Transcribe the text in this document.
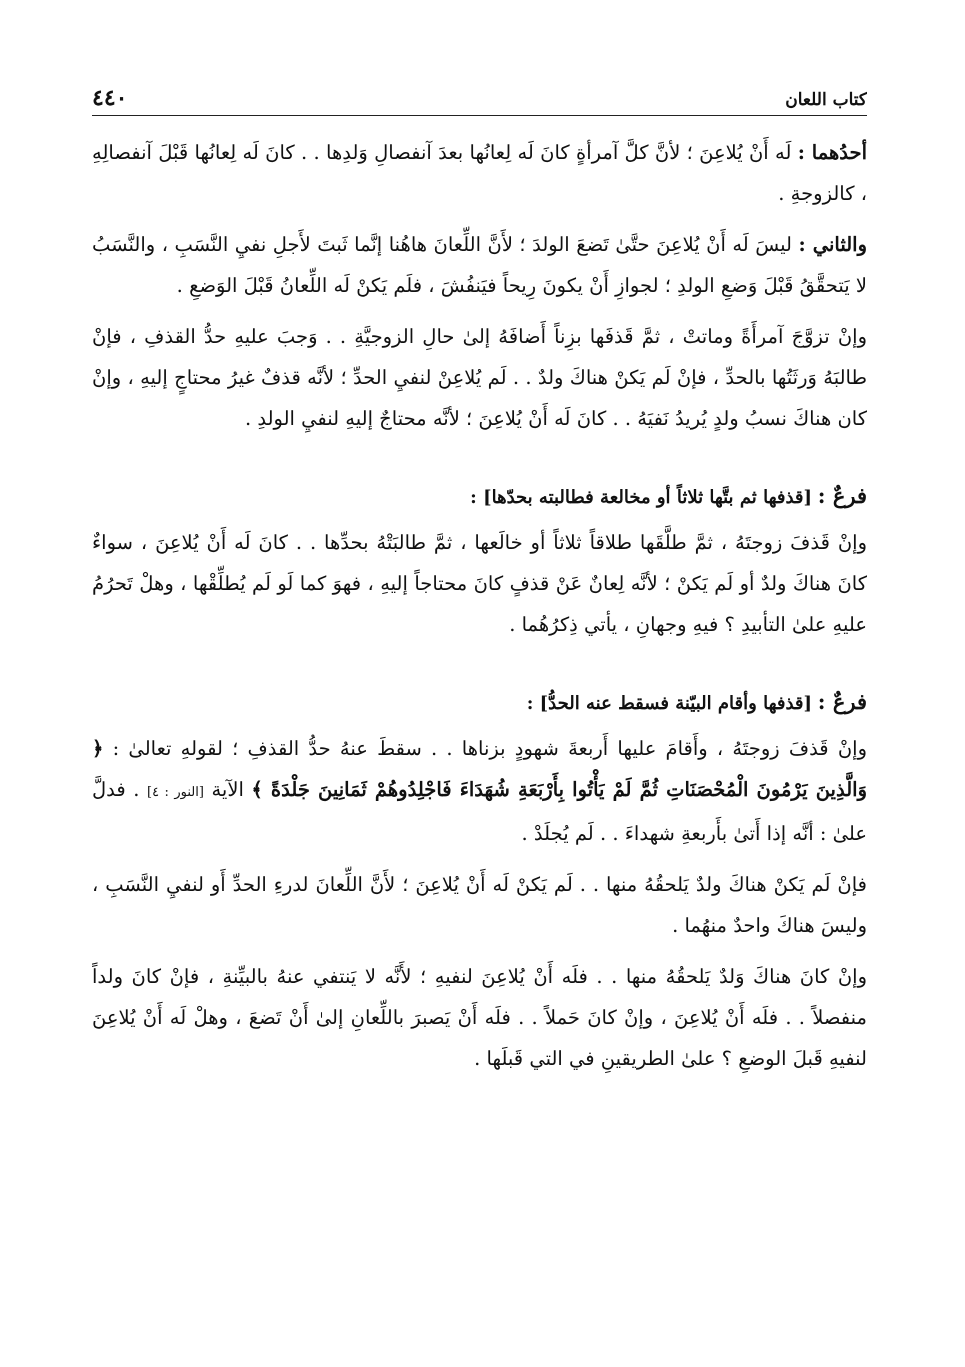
كتاب اللعان
٤٤٠

أحدُهما : لَه أَنْ يُلاعِنَ ؛ لأنَّ كلَّ آمرأةٍ كانَ لَه لِعانُها بعدَ آنفصالِ وَلدِها . . كانَ لَه لِعانُها قَبْلَ آنفصالِهِ ، كالزوجةِ .

والثاني : ليسَ لَه أَنْ يُلاعِنَ حتَّىٰ تَضعَ الولدَ ؛ لأَنَّ اللِّعانَ هاهُنا إنَّما ثَبتَ لأَجلِ نفيِ النَّسَبِ ، والنَّسَبُ لا يَتحقَّقُ قَبْلَ وَضعِ الولدِ ؛ لجوازِ أَنْ يكونَ رِيحاً فيَنفُشَ ، فلَم يَكنْ لَه اللِّعانُ قَبْلَ الوَضعِ .

وإنْ تزوَّجَ آمرأَةً وماتتْ ، ثمَّ قَذفَها بزِناً أَضافَهُ إلىٰ حالِ الزوجيَّةِ . . وَجبَ عليهِ حدُّ القذفِ ، فإنْ طالبَهُ وَرثَتُها بالحدِّ ، فإنْ لَم يَكنْ هناكَ ولدٌ . . لَم يُلاعِنْ لنفيِ الحدِّ ؛ لأنَّه قذفٌ غيرُ محتاجٍ إليهِ ، وإنْ كان هناكَ نسبُ ولدٍ يُريدُ نَفيَهُ . . كانَ لَه أَنْ يُلاعِنَ ؛ لأنَّه محتاجٌ إليهِ لنفيِ الولدِ .

فرعٌ : [قذفها ثم بتَّها ثلاثاً أو مخالعة فطالبته بحدّها] :

وإنْ قَذفَ زوجتَهُ ، ثمَّ طلَّقَها طلاقاً ثلاثاً أو خالَعها ، ثمَّ طالبَتْهُ بحدِّها . . كانَ لَه أَنْ يُلاعِنَ ، سواءٌ كانَ هناكَ ولدٌ أو لَم يَكنْ ؛ لأنَّه لِعانٌ عَنْ قذفٍ كانَ محتاجاً إليهِ ، فهوَ كما لَو لَم يُطلِّقْها ، وهلْ تَحرُمُ عليهِ علىٰ التأبيدِ ؟ فيهِ وجهانِ ، يأتي ذِكرُهُما .

فرعٌ : [قذفها وأقام البيّنة فسقط عنه الحدُّ] :

وإنْ قَذفَ زوجتَهُ ، وأَقامَ عليها أَربعةَ شهودٍ بزناها . . سقطَ عنهُ حدُّ القذفِ ؛ لقولهِ تعالىٰ : ﴿ وَالَّذِينَ يَرْمُونَ الْمُحْصَنَاتِ ثُمَّ لَمْ يَأْتُوا بِأَرْبَعَةِ شُهَدَاءَ فَاجْلِدُوهُمْ ثَمَانِينَ جَلْدَةً ﴾ الآية [النور : ٤] . فدلَّ علىٰ : أنَّه إذا أَتىٰ بأَربعةِ شهداءَ . . لَم يُجلَدْ .

فإنْ لَم يَكنْ هناكَ ولدٌ يَلحقُهُ منها . . لَم يَكنْ لَه أَنْ يُلاعِنَ ؛ لأَنَّ اللِّعانَ لدرءِ الحدِّ أَو لنفيِ النَّسَبِ ، وليسَ هناكَ واحدٌ منهُما .

وإنْ كانَ هناكَ وَلدٌ يَلحقُهُ منها . . فلَه أَنْ يُلاعِنَ لنفيهِ ؛ لأَنَّه لا يَنتفي عنهُ بالبيِّنةِ ، فإنْ كانَ ولداً منفصلاً . . فلَه أَنْ يُلاعِنَ ، وإنْ كانَ حَملاً . . فلَه أَنْ يَصبرَ باللِّعانِ إلىٰ أَنْ تَضعَ ، وهلْ لَه أَنْ يُلاعِنَ لنفيهِ قَبلَ الوضعِ ؟ علىٰ الطريقينِ في التي قَبلَها .
